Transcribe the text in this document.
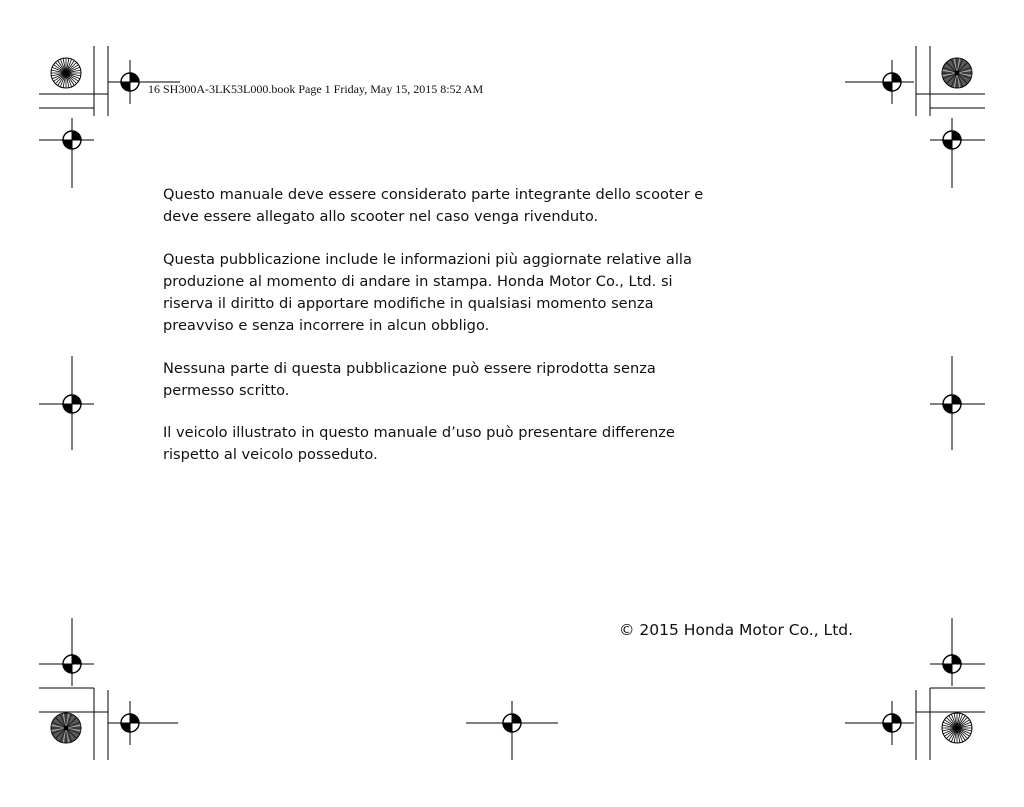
16 SH300A-3LK53L000.book Page 1 Friday, May 15, 2015 8:52 AM

Questo manuale deve essere considerato parte integrante dello scooter e deve essere allegato allo scooter nel caso venga rivenduto.

Questa pubblicazione include le informazioni più aggiornate relative alla produzione al momento di andare in stampa. Honda Motor Co., Ltd. si riserva il diritto di apportare modifiche in qualsiasi momento senza preavviso e senza incorrere in alcun obbligo.

Nessuna parte di questa pubblicazione può essere riprodotta senza permesso scritto.

Il veicolo illustrato in questo manuale d’uso può presentare differenze rispetto al veicolo posseduto.

© 2015 Honda Motor Co., Ltd.
